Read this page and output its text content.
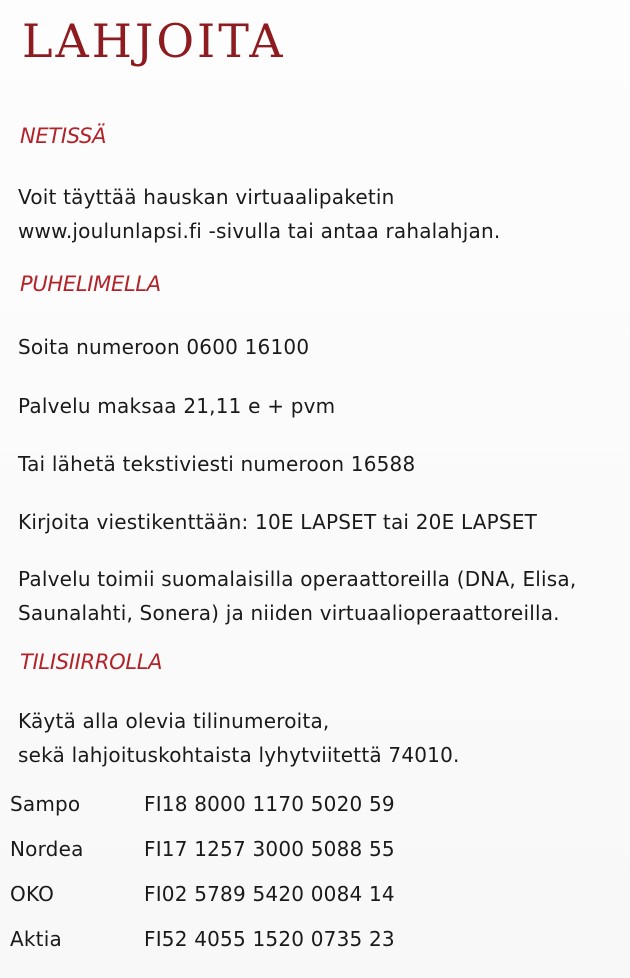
LAHJOITA
NETISSÄ

Voit täyttää hauskan virtuaalipaketin
www.joulunlapsi.fi -sivulla tai antaa rahalahjan.

PUHELIMELLA

Soita numeroon 0600 16100

Palvelu maksaa 21,11 e + pvm

Tai lähetä tekstiviesti numeroon 16588

Kirjoita viestikenttään: 10E LAPSET tai 20E LAPSET

Palvelu toimii suomalaisilla operaattoreilla (DNA, Elisa,
Saunalahti, Sonera) ja niiden virtuaalioperaattoreilla.

TILISIIRROLLA

Käytä alla olevia tilinumeroita,
sekä lahjoituskohtaista lyhytviitettä 74010.

Sampo	FI18 8000 1170 5020 59
Nordea	FI17 1257 3000 5088 55
OKO	FI02 5789 5420 0084 14
Aktia	FI52 4055 1520 0735 23
